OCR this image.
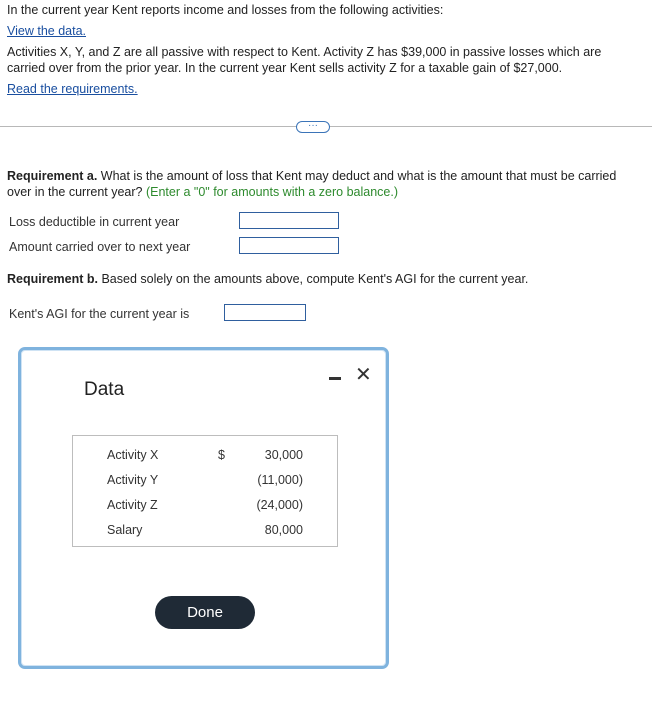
In the current year Kent reports income and losses from the following activities:

View the data.

Activities X, Y, and Z are all passive with respect to Kent. Activity Z has $39,000 in passive losses which are

carried over from the prior year. In the current year Kent sells activity Z for a taxable gain of $27,000.

Read the requirements.
···

Requirement a. What is the amount of loss that Kent may deduct and what is the amount that must be carried

over in the current year? (Enter a "0" for amounts with a zero balance.)

Loss deductible in current year
Amount carried over to next year

Requirement b. Based solely on the amounts above, compute Kent's AGI for the current year.

Kent's AGI for the current year is
Data
✕
Activity X	$	30,000
Activity Y	(11,000)
Activity Z	(24,000)
Salary	80,000
Done
